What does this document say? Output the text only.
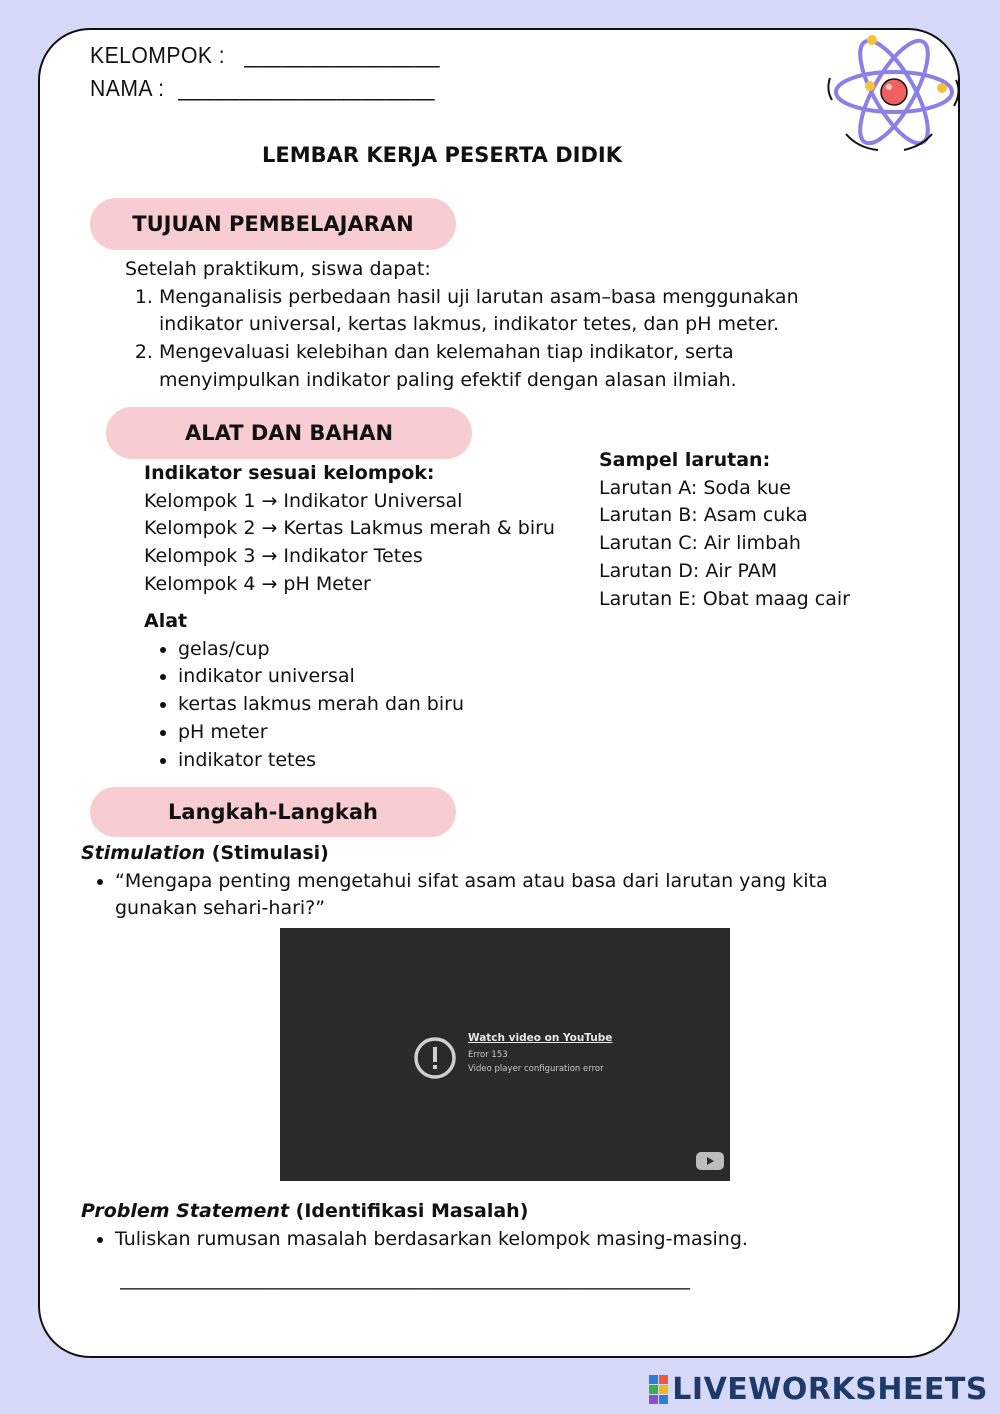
KELOMPOK : ________________
NAMA : _____________________
LEMBAR KERJA PESERTA DIDIK
TUJUAN PEMBELAJARAN
Setelah praktikum, siswa dapat:
1. Menganalisis perbedaan hasil uji larutan asam–basa menggunakan indikator universal, kertas lakmus, indikator tetes, dan pH meter.
2. Mengevaluasi kelebihan dan kelemahan tiap indikator, serta menyimpulkan indikator paling efektif dengan alasan ilmiah.
ALAT DAN BAHAN
Indikator sesuai kelompok:
Kelompok 1 → Indikator Universal
Kelompok 2 → Kertas Lakmus merah & biru
Kelompok 3 → Indikator Tetes
Kelompok 4 → pH Meter
Sampel larutan:
Larutan A: Soda kue
Larutan B: Asam cuka
Larutan C: Air limbah
Larutan D: Air PAM
Larutan E: Obat maag cair
Alat
• gelas/cup
• indikator universal
• kertas lakmus merah dan biru
• pH meter
• indikator tetes
Langkah-Langkah
Stimulation (Stimulasi)
• “Mengapa penting mengetahui sifat asam atau basa dari larutan yang kita gunakan sehari-hari?”
Watch video on YouTube
Error 153
Video player configuration error
Problem Statement (Identifikasi Masalah)
• Tuliskan rumusan masalah berdasarkan kelompok masing-masing.
____________________________________________________________
LIVEWORKSHEETS
